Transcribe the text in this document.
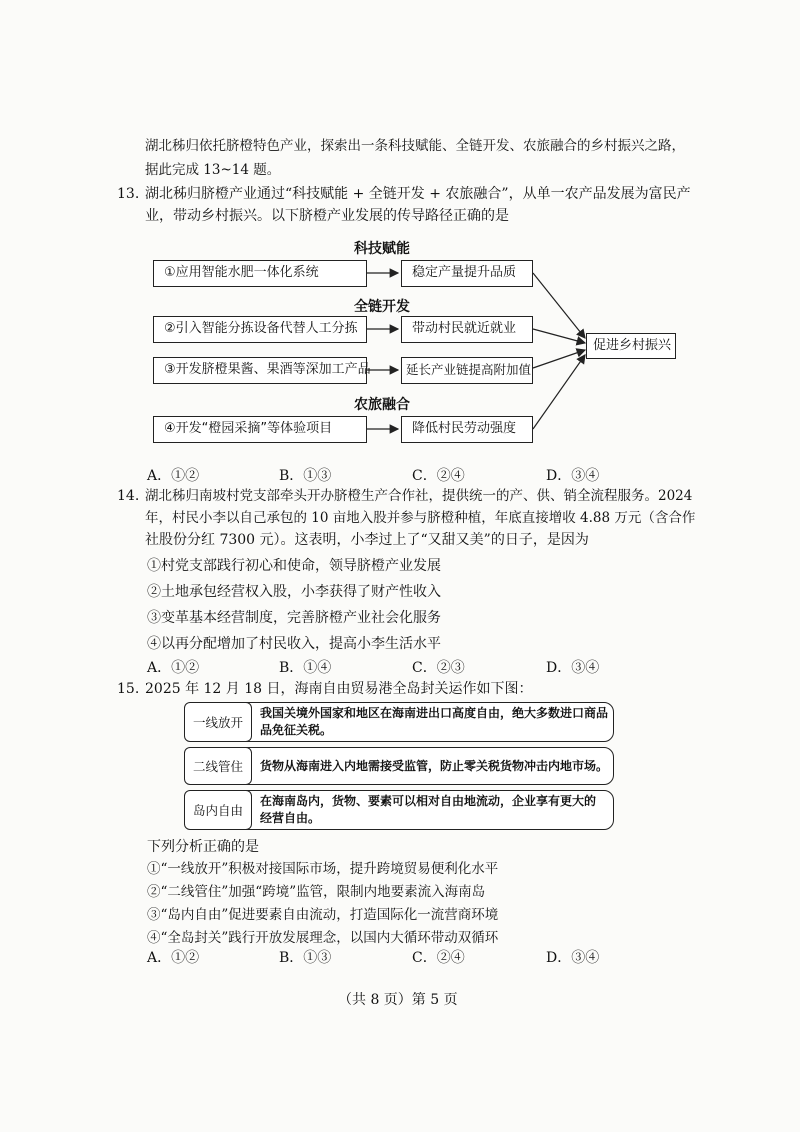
湖北秭归依托脐橙特色产业，探索出一条科技赋能、全链开发、农旅融合的乡村振兴之路，
据此完成 13~14 题。
13. 湖北秭归脐橙产业通过“科技赋能 + 全链开发 + 农旅融合”，从单一农产品发展为富民产
业，带动乡村振兴。以下脐橙产业发展的传导路径正确的是
科技赋能
全链开发
农旅融合
①应用智能水肥一体化系统
②引入智能分拣设备代替人工分拣
③开发脐橙果酱、果酒等深加工产品
④开发“橙园采摘”等体验项目
稳定产量提升品质
带动村民就近就业
延长产业链提高附加值
降低村民劳动强度
促进乡村振兴
A．①②	B．①③	C．②④	D．③④
14. 湖北秭归南坡村党支部牵头开办脐橙生产合作社，提供统一的产、供、销全流程服务。2024
年，村民小李以自己承包的 10 亩地入股并参与脐橙种植，年底直接增收 4.88 万元（含合作
社股份分红 7300 元）。这表明，小李过上了“又甜又美”的日子，是因为
①村党支部践行初心和使命，领导脐橙产业发展
②土地承包经营权入股，小李获得了财产性收入
③变革基本经营制度，完善脐橙产业社会化服务
④以再分配增加了村民收入，提高小李生活水平
A．①②	B．①④	C．②③	D．③④
15. 2025 年 12 月 18 日，海南自由贸易港全岛封关运作如下图：
一线放开
我国关境外国家和地区在海南进出口高度自由，绝大多数进口商品
品免征关税。
二线管住	货物从海南进入内地需接受监管，防止零关税货物冲击内地市场。
岛内自由
在海南岛内，货物、要素可以相对自由地流动，企业享有更大的
经营自由。
下列分析正确的是
①“一线放开”积极对接国际市场，提升跨境贸易便利化水平
②“二线管住”加强“跨境”监管，限制内地要素流入海南岛
③“岛内自由”促进要素自由流动，打造国际化一流营商环境
④“全岛封关”践行开放发展理念，以国内大循环带动双循环
A．①②	B．①③	C．②④	D．③④
（共 8 页）第 5 页
